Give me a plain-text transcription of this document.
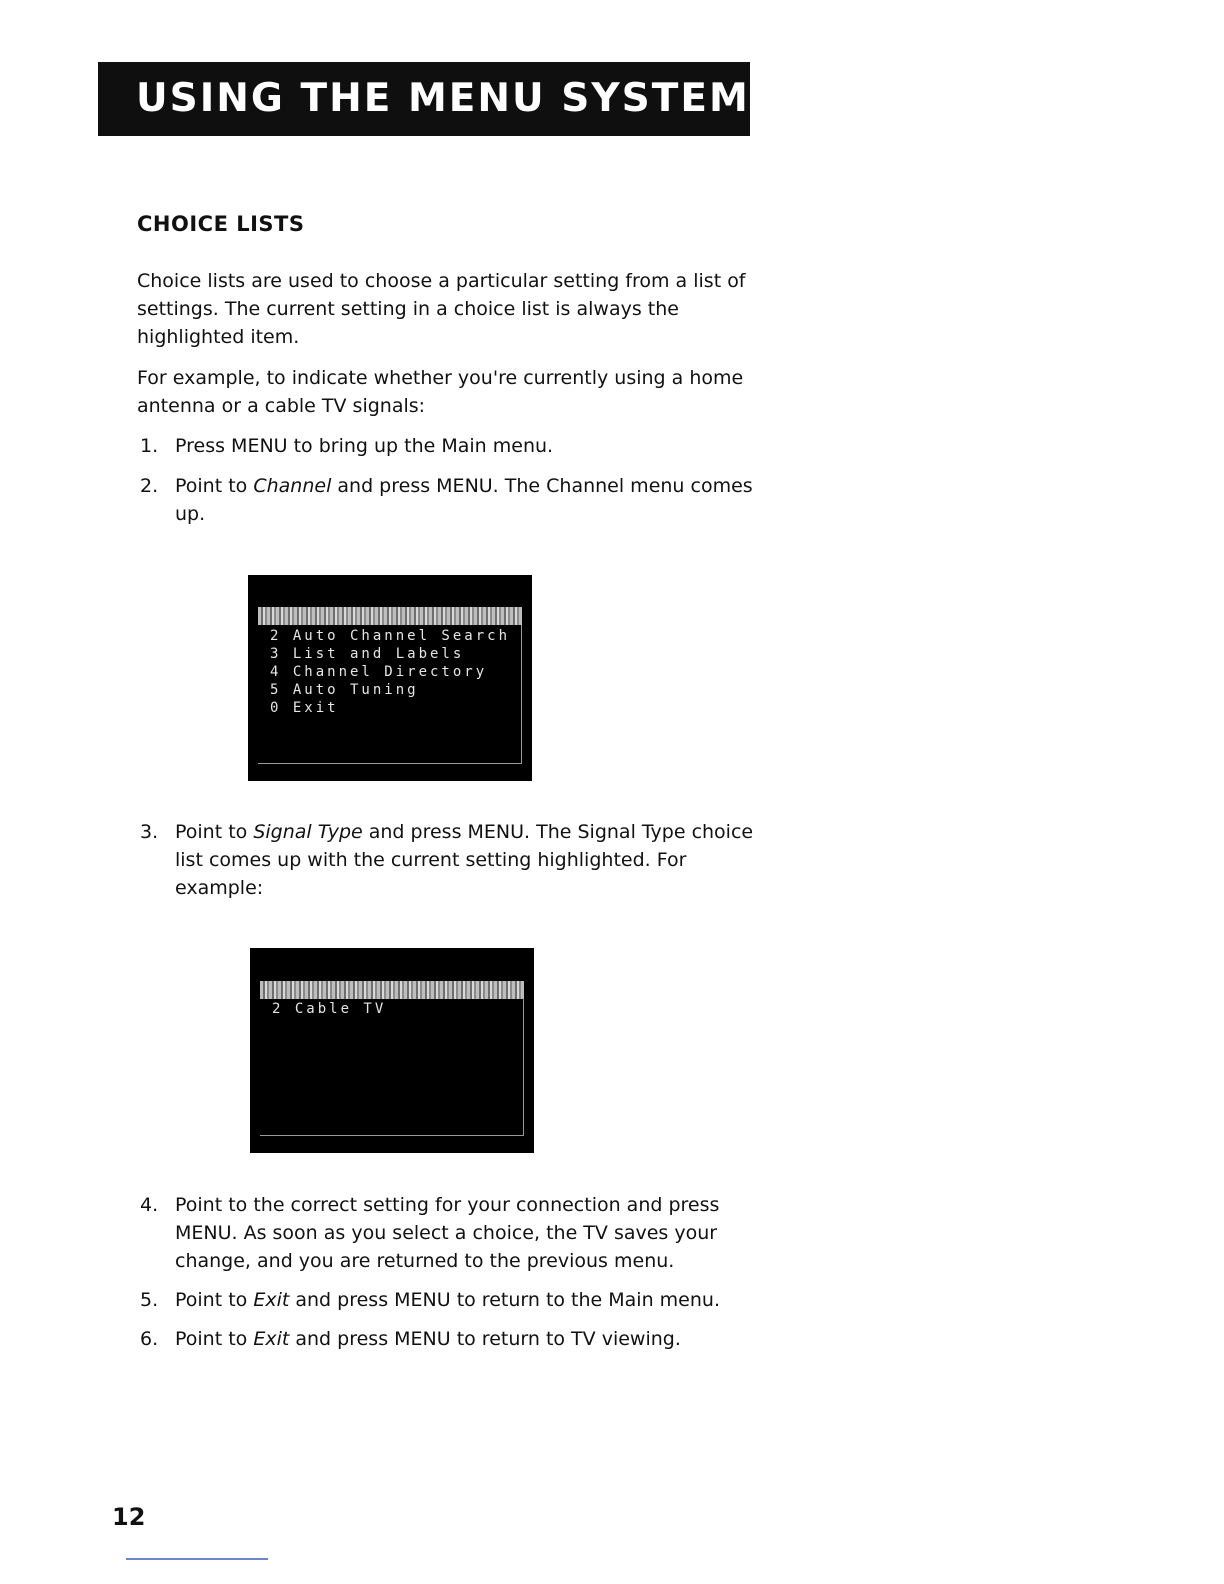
USING THE MENU SYSTEM
CHOICE LISTS
Choice lists are used to choose a particular setting from a list of settings. The current setting in a choice list is always the highlighted item.
For example, to indicate whether you're currently using a home antenna or a cable TV signals:
1. Press MENU to bring up the Main menu.
2. Point to Channel and press MENU. The Channel menu comes up.
2 Auto Channel Search
3 List and Labels
4 Channel Directory
5 Auto Tuning
0 Exit
3. Point to Signal Type and press MENU. The Signal Type choice list comes up with the current setting highlighted. For example:
2 Cable TV
4. Point to the correct setting for your connection and press MENU. As soon as you select a choice, the TV saves your change, and you are returned to the previous menu.
5. Point to Exit and press MENU to return to the Main menu.
6. Point to Exit and press MENU to return to TV viewing.
12
